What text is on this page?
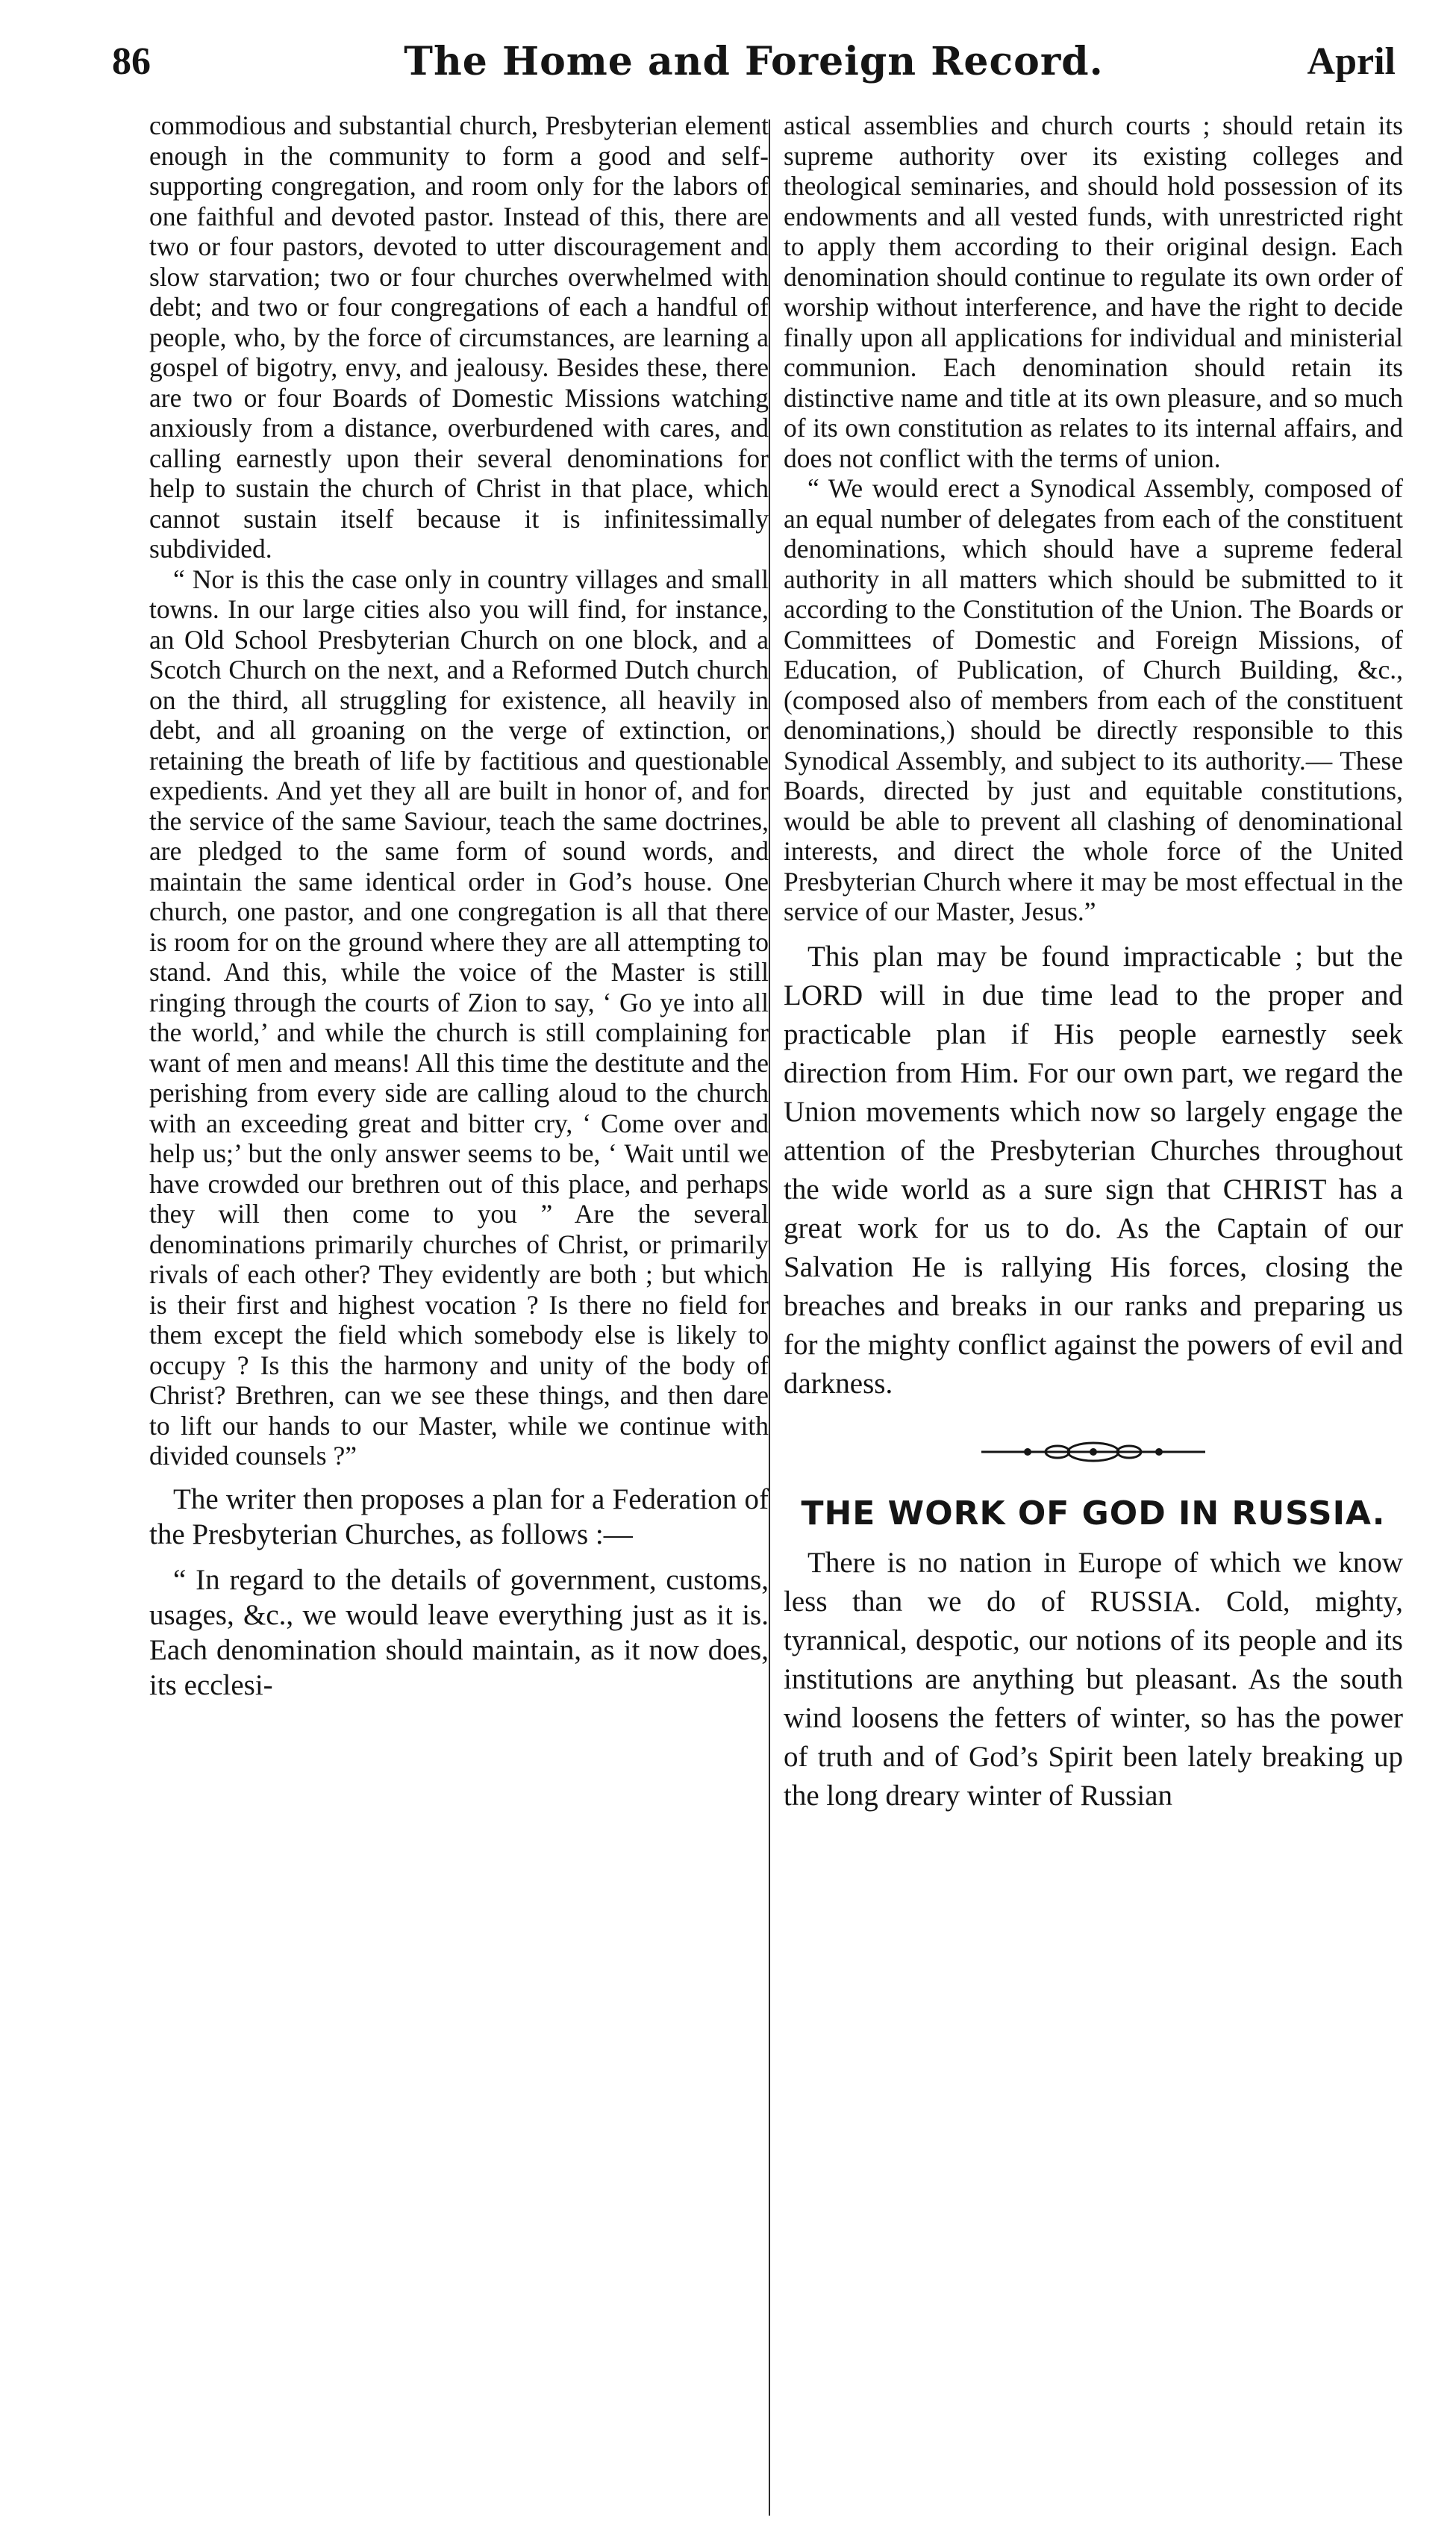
86	The Home and Foreign Record.	April

commodious and substantial church, Presbyterian element enough in the community to form a good and self-supporting congregation, and room only for the labors of one faithful and devoted pastor. Instead of this, there are two or four pastors, devoted to utter discouragement and slow starvation; two or four churches overwhelmed with debt; and two or four congregations of each a handful of people, who, by the force of circumstances, are learning a gospel of bigotry, envy, and jealousy. Besides these, there are two or four Boards of Domestic Missions watching anxiously from a distance, overburdened with cares, and calling earnestly upon their several denominations for help to sustain the church of Christ in that place, which cannot sustain itself because it is infinitessimally subdivided.

“ Nor is this the case only in country villages and small towns. In our large cities also you will find, for instance, an Old School Presbyterian Church on one block, and a Scotch Church on the next, and a Reformed Dutch church on the third, all struggling for existence, all heavily in debt, and all groaning on the verge of extinction, or retaining the breath of life by factitious and questionable expedients. And yet they all are built in honor of, and for the service of the same Saviour, teach the same doctrines, are pledged to the same form of sound words, and maintain the same identical order in God’s house. One church, one pastor, and one congregation is all that there is room for on the ground where they are all attempting to stand. And this, while the voice of the Master is still ringing through the courts of Zion to say, ‘ Go ye into all the world,’ and while the church is still complaining for want of men and means! All this time the destitute and the perishing from every side are calling aloud to the church with an exceeding great and bitter cry, ‘ Come over and help us;’ but the only answer seems to be, ‘ Wait until we have crowded our brethren out of this place, and perhaps they will then come to you ” Are the several denominations primarily churches of Christ, or primarily rivals of each other? They evidently are both ; but which is their first and highest vocation ? Is there no field for them except the field which somebody else is likely to occupy ? Is this the harmony and unity of the body of Christ? Brethren, can we see these things, and then dare to lift our hands to our Master, while we continue with divided counsels ?”

The writer then proposes a plan for a Federation of the Presbyterian Churches, as follows :—

“ In regard to the details of government, customs, usages, &c., we would leave everything just as it is. Each denomination should maintain, as it now does, its ecclesi-

astical assemblies and church courts ; should retain its supreme authority over its existing colleges and theological seminaries, and should hold possession of its endowments and all vested funds, with unrestricted right to apply them according to their original design. Each denomination should continue to regulate its own order of worship without interference, and have the right to decide finally upon all applications for individual and ministerial communion. Each denomination should retain its distinctive name and title at its own pleasure, and so much of its own constitution as relates to its internal affairs, and does not conflict with the terms of union.

“ We would erect a Synodical Assembly, composed of an equal number of delegates from each of the constituent denominations, which should have a supreme federal authority in all matters which should be submitted to it according to the Constitution of the Union. The Boards or Committees of Domestic and Foreign Missions, of Education, of Publication, of Church Building, &c., (composed also of members from each of the constituent denominations,) should be directly responsible to this Synodical Assembly, and subject to its authority.— These Boards, directed by just and equitable constitutions, would be able to prevent all clashing of denominational interests, and direct the whole force of the United Presbyterian Church where it may be most effectual in the service of our Master, Jesus.”

This plan may be found impracticable ; but the LORD will in due time lead to the proper and practicable plan if His people earnestly seek direction from Him. For our own part, we regard the Union movements which now so largely engage the attention of the Presbyterian Churches throughout the wide world as a sure sign that CHRIST has a great work for us to do. As the Captain of our Salvation He is rallying His forces, closing the breaches and breaks in our ranks and preparing us for the mighty conflict against the powers of evil and darkness.

THE WORK OF GOD IN RUSSIA.

There is no nation in Europe of which we know less than we do of RUSSIA. Cold, mighty, tyrannical, despotic, our notions of its people and its institutions are anything but pleasant. As the south wind loosens the fetters of winter, so has the power of truth and of God’s Spirit been lately breaking up the long dreary winter of Russian
